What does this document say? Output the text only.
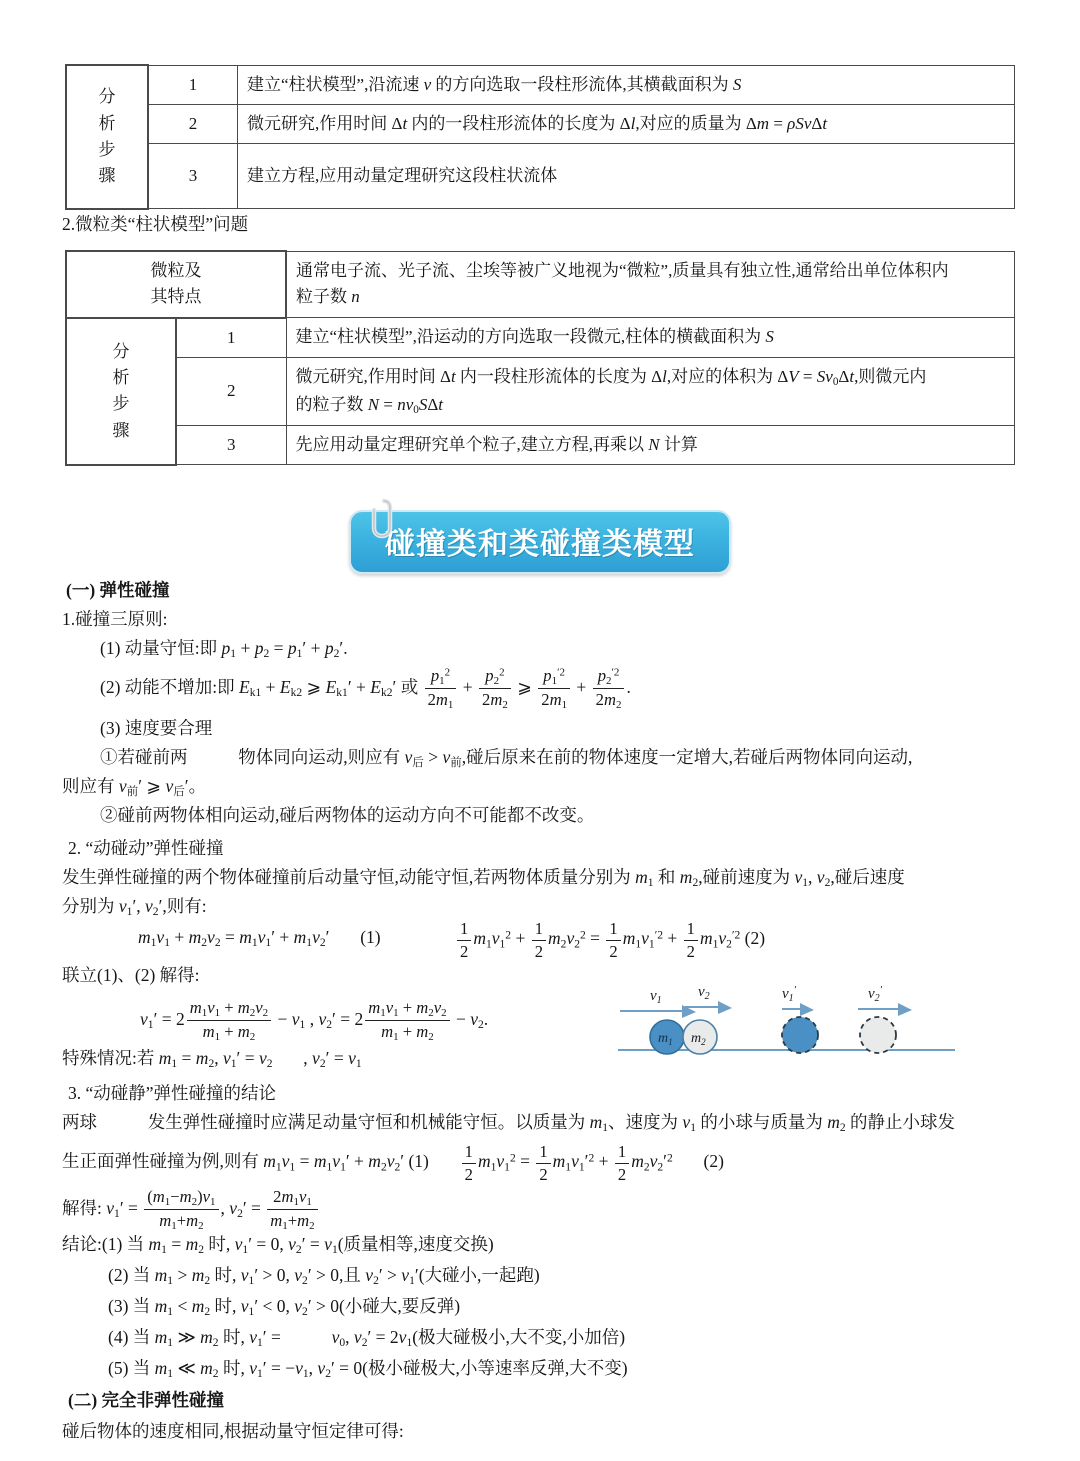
分
析
步
骤	1	建立“柱状模型”,沿流速 v 的方向选取一段柱形流体,其横截面积为 S
	2	微元研究,作用时间 Δt 内的一段柱形流体的长度为 Δl,对应的质量为 Δm = ρSvΔt
	3	建立方程,应用动量定理研究这段柱状流体
2.微粒类“柱状模型”问题
微粒及
其特点

通常电子流、光子流、尘埃等被广义地视为“微粒”,质量具有独立性,通常给出单位体积内
粒子数 n

分
析
步
骤	1	建立“柱状模型”,沿运动的方向选取一段微元,柱体的横截面积为 S
	2	微元研究,作用时间 Δt 内一段柱形流体的长度为 Δl,对应的体积为 $\Delta V = Sv_0\Delta t$,则微元内
的粒子数 $N = nv_0S\Delta t$

	3	先应用动量定理研究单个粒子,建立方程,再乘以 N 计算
碰撞类和类碰撞类模型
(一) 弹性碰撞
1.碰撞三原则:
(1) 动量守恒:即 $p_1 + p_2 = p_1' + p_2'$.
(2) 动能不增加:即 $E_{k1} + E_{k2}$ ⩾ $E_{k1}' + E_{k2}'$ 或 $\frac{p_1^2}{2m_1} + \frac{p_2^2}{2m_2}$ ⩾ $\frac{p_1^{'2}}{2m_1} + \frac{p_2^{'2}}{2m_2}$ .
(3) 速度要合理
①若碰前两	物体同向运动,则应有 $v_后 > v_前$,碰后原来在前的物体速度一定增大,若碰后两物体同向运动,
则应有 $v_前'$ ⩾ $v_后'$。
②碰前两物体相向运动,碰后两物体的运动方向不可能都不改变。
2. “动碰动”弹性碰撞
发生弹性碰撞的两个物体碰撞前后动量守恒,动能守恒,若两物体质量分别为 $m_1$ 和 $m_2$,碰前速度为 $v_1$, $v_2$,碰后速度
分别为 $v_1'$, $v_2'$,则有:
$m_1v_1 + m_2v_2 = m_1v_1' + m_1v_2'$ (1)	$\frac{1}{2} m_1v_1^2 + \frac{1}{2} m_2v_2^2 = \frac{1}{2} m_1v_1^{'2} + \frac{1}{2} m_1v_2^{'2}$ (2)
联立(1)、(2) 解得:
$v_1' = 2 \frac{m_1v_1 + m_2v_2}{m_1 + m_2} - v_1$ , $v_2' = 2 \frac{m_1v_1 + m_2v_2}{m_1 + m_2} - v_2$.
特殊情况:若 $m_1 = m_2$, $v_1' = v_2$  , $v_2' = v_1$
$v_1$
$v_2$
$m_1$ $m_2$
$v_1'$	$v_2'$
3. “动碰静”弹性碰撞的结论
两球	发生弹性碰撞时应满足动量守恒和机械能守恒。以质量为 $m_1$、速度为 $v_1$ 的小球与质量为 $m_2$ 的静止小球发
生正面弹性碰撞为例,则有 $m_1v_1 = m_1v_1' + m_2v_2'$ $(1) \frac{1}{2} m_1v_1^2 = \frac{1}{2} m_1v_1'^2 + \frac{1}{2} m_2v_2'^2$ (2)
解得: $v_1' = \frac{(m_1-m_2)v_1}{m_1+m_2}$ , $v_2' = \frac{2m_1v_1}{m_1+m_2}$
结论:(1) 当 $m_1 = m_2$ 时, $v_1' = 0$, $v_2' = v_1$(质量相等,速度交换)
(2) 当 $m_1 > m_2$ 时, $v_1' > 0$, $v_2' > 0$,且 $v_2' > v_1'$(大碰小,一起跑)
(3) 当 $m_1 < m_2$ 时, $v_1' < 0$, $v_2' > 0$(小碰大,要反弹)
(4) 当 $m_1$ ≫ $m_2$ 时, $v_1'$ =	$v_0$, $v_2' = 2v_1$(极大碰极小,大不变,小加倍)
(5) 当 $m_1$ ≪ $m_2$ 时, $v_1' = -v_1$, $v_2' = 0$(极小碰极大,小等速率反弹,大不变)
(二) 完全非弹性碰撞
碰后物体的速度相同,根据动量守恒定律可得:
